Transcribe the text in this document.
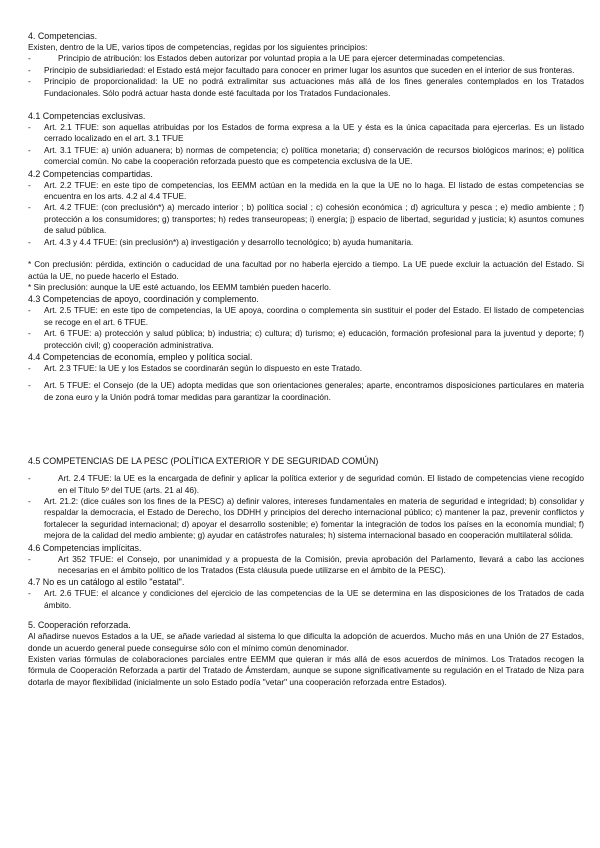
4. Competencias.

Existen, dentro de la UE, varios tipos de competencias, regidas por los siguientes principios:

-	Principio de atribución: los Estados deben autorizar por voluntad propia a la UE para ejercer determinadas competencias.
-	Principio de subsidiariedad: el Estado está mejor facultado para conocer en primer lugar los asuntos que suceden en el interior de sus fronteras.
-	Principio de proporcionalidad: la UE no podrá extralimitar sus actuaciones más allá de los fines generales contemplados en los Tratados Fundacionales. Sólo podrá actuar hasta donde esté facultada por los Tratados Fundacionales.

4.1 Competencias exclusivas.

-	Art. 2.1 TFUE: son aquellas atribuidas por los Estados de forma expresa a la UE y ésta es la única capacitada para ejercerlas. Es un listado cerrado localizado en el art. 3.1 TFUE
-	Art. 3.1 TFUE: a) unión aduanera; b) normas de competencia; c) política monetaria; d) conservación de recursos biológicos marinos; e) política comercial común. No cabe la cooperación reforzada puesto que es competencia exclusiva de la UE.

4.2 Competencias compartidas.

-	Art. 2.2 TFUE: en este tipo de competencias, los EEMM actúan en la medida en la que la UE no lo haga. El listado de estas competencias se encuentra en los arts. 4.2 al 4.4 TFUE.
-	Art. 4.2 TFUE: (con preclusión*) a) mercado interior ; b) política social ; c) cohesión económica ; d) agricultura y pesca ; e) medio ambiente ; f) protección a los consumidores; g) transportes; h) redes transeuropeas; i) energía; j) espacio de libertad, seguridad y justicia; k) asuntos comunes de salud pública.
-	Art. 4.3 y 4.4 TFUE: (sin preclusión*) a) investigación y desarrollo tecnológico; b) ayuda humanitaria.

* Con preclusión: pérdida, extinción o caducidad de una facultad por no haberla ejercido a tiempo. La UE puede excluir la actuación del Estado. Si actúa la UE, no puede hacerlo el Estado.

* Sin preclusión: aunque la UE esté actuando, los EEMM también pueden hacerlo.

4.3 Competencias de apoyo, coordinación y complemento.

-	Art. 2.5 TFUE: en este tipo de competencias, la UE apoya, coordina o complementa sin sustituir el poder del Estado. El listado de competencias se recoge en el art. 6 TFUE.
-	Art. 6 TFUE: a) protección y salud pública; b) industria; c) cultura; d) turismo; e) educación, formación profesional para la juventud y deporte; f) protección civil; g) cooperación administrativa.

4.4 Competencias de economía, empleo y política social.

-	Art. 2.3 TFUE: la UE y los Estados se coordinarán según lo dispuesto en este Tratado.
-	Art. 5 TFUE: el Consejo (de la UE) adopta medidas que son orientaciones generales; aparte, encontramos disposiciones particulares en materia de zona euro y la Unión podrá tomar medidas para garantizar la coordinación.

4.5 COMPETENCIAS DE LA PESC (POLÍTICA EXTERIOR Y DE SEGURIDAD COMÚN)

-	Art. 2.4 TFUE: la UE es la encargada de definir y aplicar la política exterior y de seguridad común. El listado de competencias viene recogido en el Título 5º del TUE (arts. 21 al 46).
-	Art. 21.2: (dice cuáles son los fines de la PESC) a) definir valores, intereses fundamentales en materia de seguridad e integridad; b) consolidar y respaldar la democracia, el Estado de Derecho, los DDHH y principios del derecho internacional público; c) mantener la paz, prevenir conflictos y fortalecer la seguridad internacional; d) apoyar el desarrollo sostenible; e) fomentar la integración de todos los países en la economía mundial; f) mejora de la calidad del medio ambiente; g) ayudar en catástrofes naturales; h) sistema internacional basado en cooperación multilateral sólida.

4.6 Competencias implícitas.

-	Art 352 TFUE: el Consejo, por unanimidad y a propuesta de la Comisión, previa aprobación del Parlamento, llevará a cabo las acciones necesarias en el ámbito político de los Tratados (Esta cláusula puede utilizarse en el ámbito de la PESC).

4.7 No es un catálogo al estilo "estatal".

-	Art. 2.6 TFUE: el alcance y condiciones del ejercicio de las competencias de la UE se determina en las disposiciones de los Tratados de cada ámbito.

5. Cooperación reforzada.

Al añadirse nuevos Estados a la UE, se añade variedad al sistema lo que dificulta la adopción de acuerdos. Mucho más en una Unión de 27 Estados, donde un acuerdo general puede conseguirse sólo con el mínimo común denominador.

Existen varias fórmulas de colaboraciones parciales entre EEMM que quieran ir más allá de esos acuerdos de mínimos. Los Tratados recogen la fórmula de Cooperación Reforzada a partir del Tratado de Ámsterdam, aunque se supone significativamente su regulación en el Tratado de Niza para dotarla de mayor flexibilidad (inicialmente un solo Estado podía "vetar" una cooperación reforzada entre Estados).
